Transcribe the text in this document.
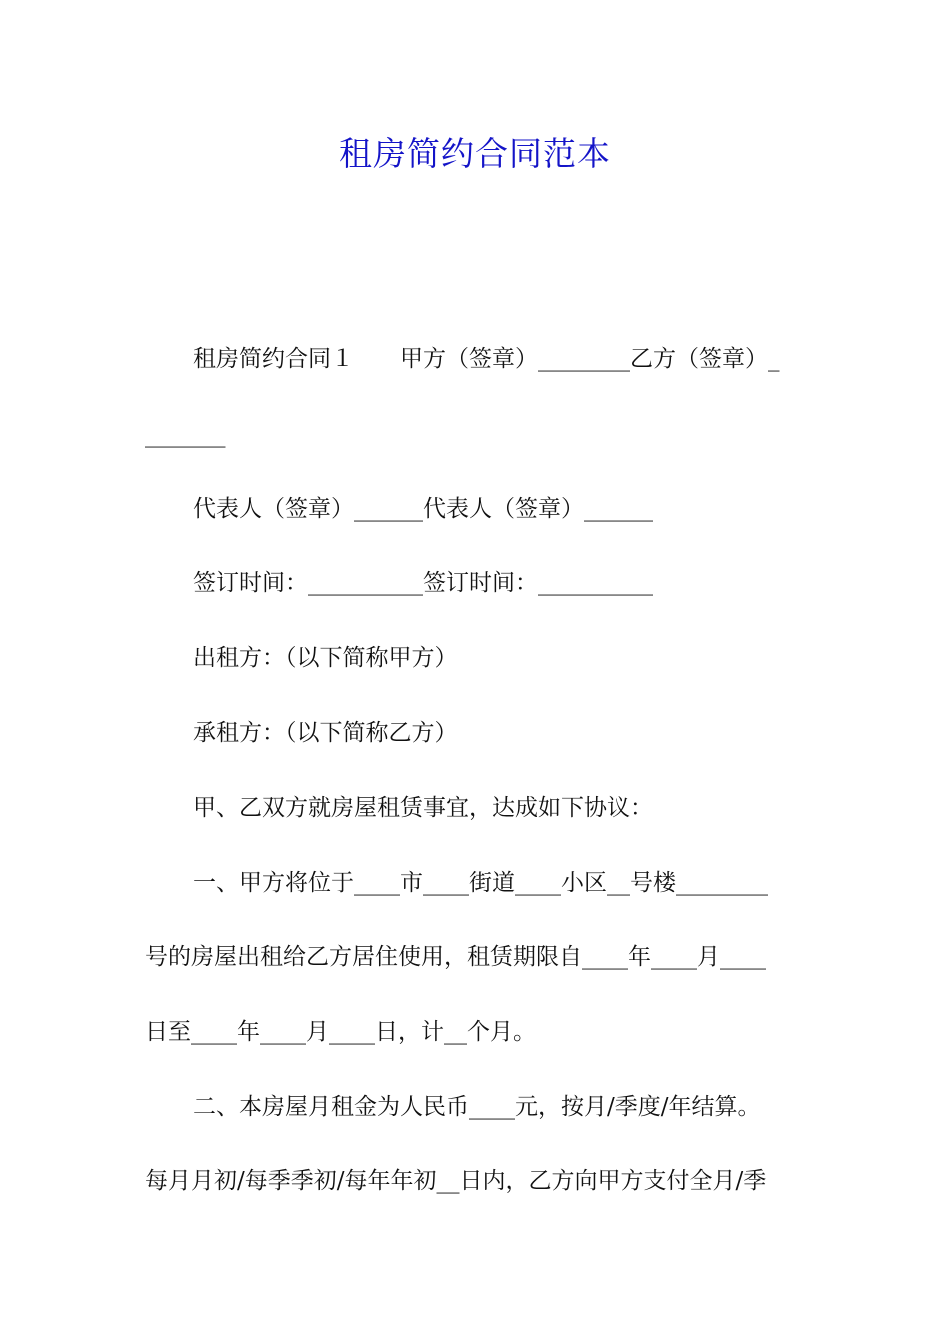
租房简约合同范本
租房简约合同１　　甲方（签章）________乙方（签章）_
_______
代表人（签章）______代表人（签章）______
签订时间：__________签订时间：__________
出租方：（以下简称甲方）
承租方：（以下简称乙方）
甲、乙双方就房屋租赁事宜，达成如下协议：
一、甲方将位于____市____街道____小区__号楼________
号的房屋出租给乙方居住使用，租赁期限自____年____月____
日至____年____月____日，计__个月。
二、本房屋月租金为人民币____元，按月/季度/年结算。
每月月初/每季季初/每年年初__日内，乙方向甲方支付全月/季
